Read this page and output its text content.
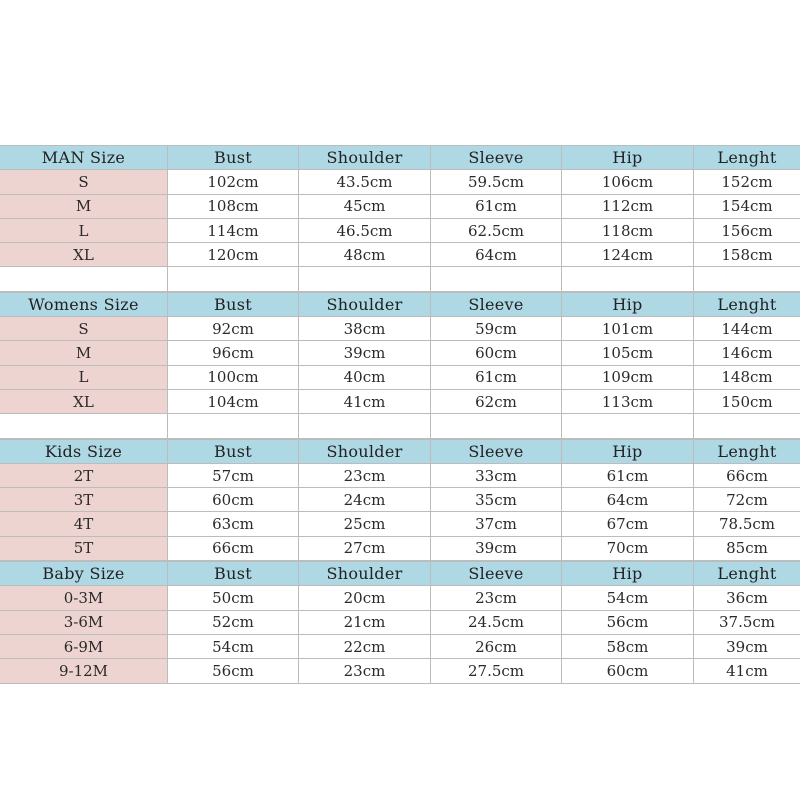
MAN Size	Bust	Shoulder	Sleeve	Hip	Lenght
S	102cm	43.5cm	59.5cm	106cm	152cm
M	108cm	45cm	61cm	112cm	154cm
L	114cm	46.5cm	62.5cm	118cm	156cm
XL	120cm	48cm	64cm	124cm	158cm
Womens Size	Bust	Shoulder	Sleeve	Hip	Lenght
S	92cm	38cm	59cm	101cm	144cm
M	96cm	39cm	60cm	105cm	146cm
L	100cm	40cm	61cm	109cm	148cm
XL	104cm	41cm	62cm	113cm	150cm
Kids Size	Bust	Shoulder	Sleeve	Hip	Lenght
2T	57cm	23cm	33cm	61cm	66cm
3T	60cm	24cm	35cm	64cm	72cm
4T	63cm	25cm	37cm	67cm	78.5cm
5T	66cm	27cm	39cm	70cm	85cm
Baby Size	Bust	Shoulder	Sleeve	Hip	Lenght
0-3M	50cm	20cm	23cm	54cm	36cm
3-6M	52cm	21cm	24.5cm	56cm	37.5cm
6-9M	54cm	22cm	26cm	58cm	39cm
9-12M	56cm	23cm	27.5cm	60cm	41cm
